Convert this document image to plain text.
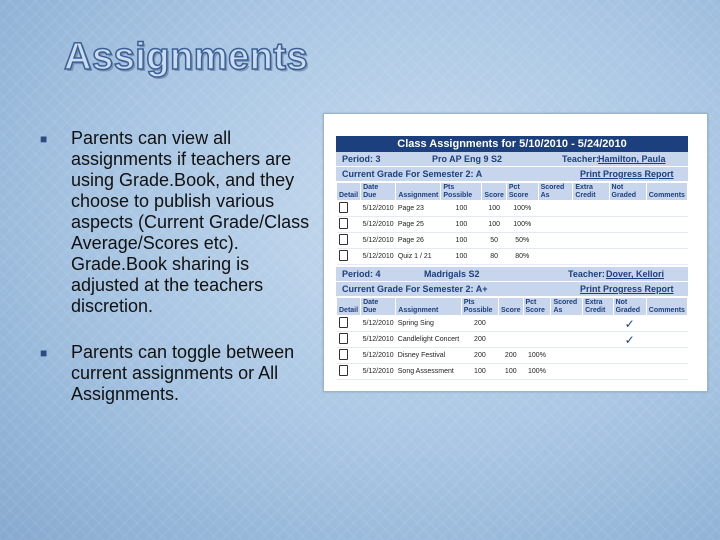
Assignments
■ Parents can view all assignments if teachers are using Grade.Book, and they choose to publish various aspects (Current Grade/Class Average/Scores etc). Grade.Book sharing is adjusted at the teachers discretion.
■ Parents can toggle between current assignments or All Assignments.
Class Assignments for 5/10/2010 - 5/24/2010
Period: 3	Pro AP Eng 9 S2	Teacher: Hamilton, Paula
Current Grade For Semester 2: A	Print Progress Report
Detail	Date Due	Assignment	Pts Possible	Score	Pct Score	Scored As	Extra Credit	Not Graded	Comments
	5/12/2010	Page 23	100	100	100%				
	5/12/2010	Page 25	100	100	100%				
	5/12/2010	Page 26	100	50	50%				
	5/12/2010	Quiz 1 / 21	100	80	80%				
Period: 4	Madrigals S2	Teacher: Dover, Kellori
Current Grade For Semester 2: A+	Print Progress Report
Detail	Date Due	Assignment	Pts Possible	Score	Pct Score	Scored As	Extra Credit	Not Graded	Comments
	5/12/2010	Spring Sing	200					✓	
	5/12/2010	Candlelight Concert	200					✓	
	5/12/2010	Disney Festival	200	200	100%				
	5/12/2010	Song Assessment	100	100	100%				
